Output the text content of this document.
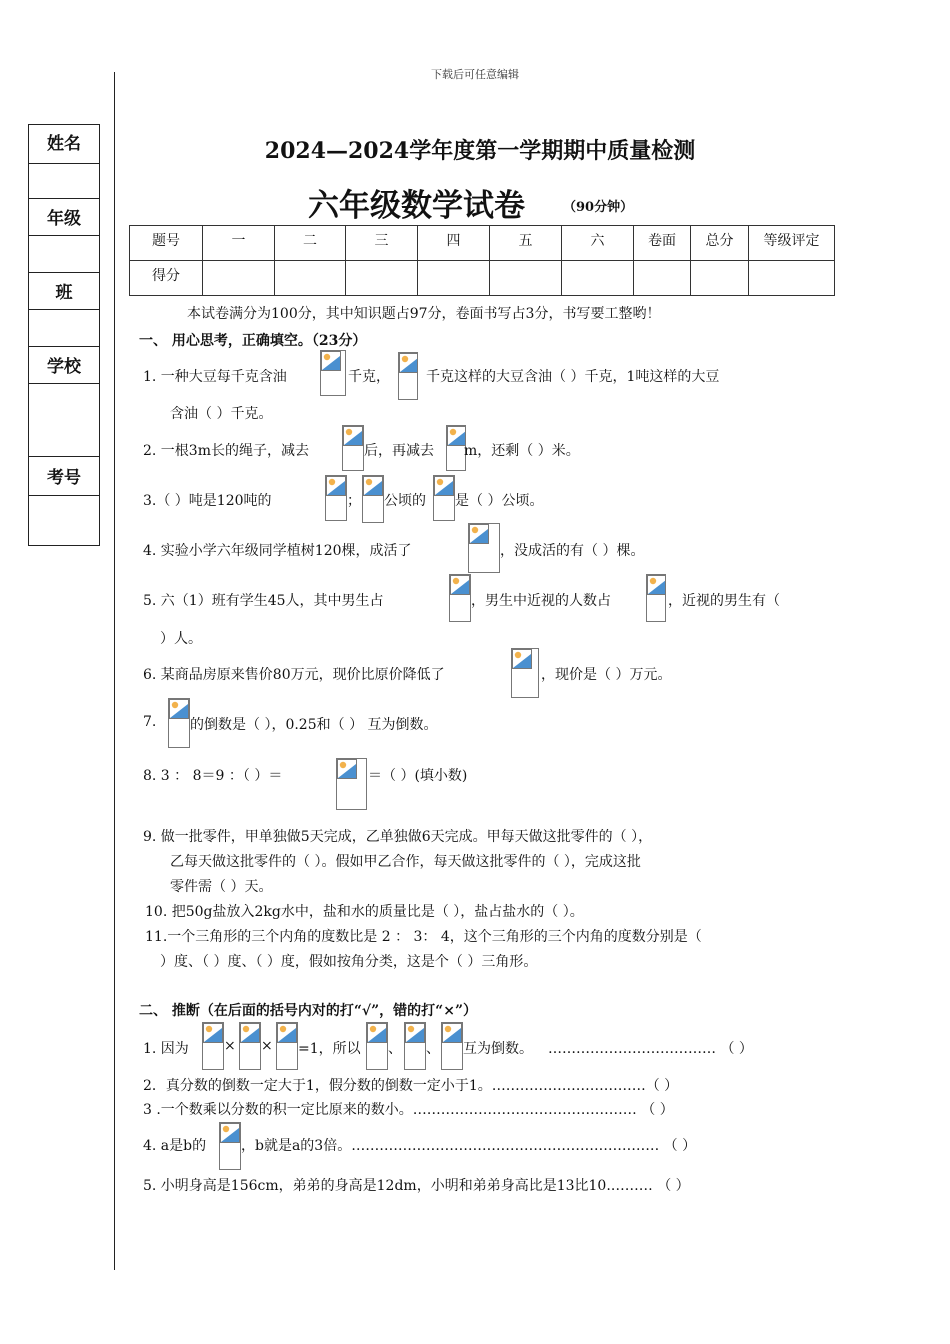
下载后可任意编辑
姓名
年级
班
学校
考号
2024—2024学年度第一学期期中质量检测
六年级数学试卷	（90分钟）
题号	一	二	三	四	五	六	卷面	总分	等级评定
得分									
本试卷满分为100分，其中知识题占97分，卷面书写占3分，书写要工整哟！
一、 用心思考，正确填空。（23分）
1. 一种大豆每千克含油	千克，	千克这样的大豆含油（ ）千克，1吨这样的大豆
含油（ ）千克。
2. 一根3m长的绳子，减去	后，再减去 m，还剩（ ）米。
3.（ ）吨是120吨的	； 公顷的 是（ ）公顷。
4. 实验小学六年级同学植树120棵，成活了	，没成活的有（ ）棵。
5. 六（1）班有学生45人，其中男生占	，男生中近视的人数占	，近视的男生有（
）人。
6. 某商品房原来售价80万元，现价比原价降低了	，现价是（ ）万元。
7. 的倒数是（ ），0.25和（ ） 互为倒数。
8. 3 ： 8＝9 ：（ ）＝	＝（ ）(填小数)
9. 做一批零件，甲单独做5天完成，乙单独做6天完成。甲每天做这批零件的（ ），
乙每天做这批零件的（ ）。假如甲乙合作，每天做这批零件的（ ），完成这批
零件需（ ）天。
10. 把50g盐放入2kg水中，盐和水的质量比是（ ），盐占盐水的（ ）。
11.一个三角形的三个内角的度数比是 2 ： 3： 4，这个三角形的三个内角的度数分别是（
）度、（ ）度、（ ）度，假如按角分类，这是个（ ）三角形。
二、 推断（在后面的括号内对的打“√”，错的打“×”）
1. 因为	× × =1，所以 、 、 互为倒数。 ……………………………… （ ）
2．真分数的倒数一定大于1，假分数的倒数一定小于1。……………………………（ ）
3 .一个数乘以分数的积一定比原来的数小。………………………………………… （ ）
4. a是b的 ，b就是a的3倍。………………………………………………………… （ ）
5. 小明身高是156cm，弟弟的身高是12dm，小明和弟弟身高比是13比10.……… （ ）
